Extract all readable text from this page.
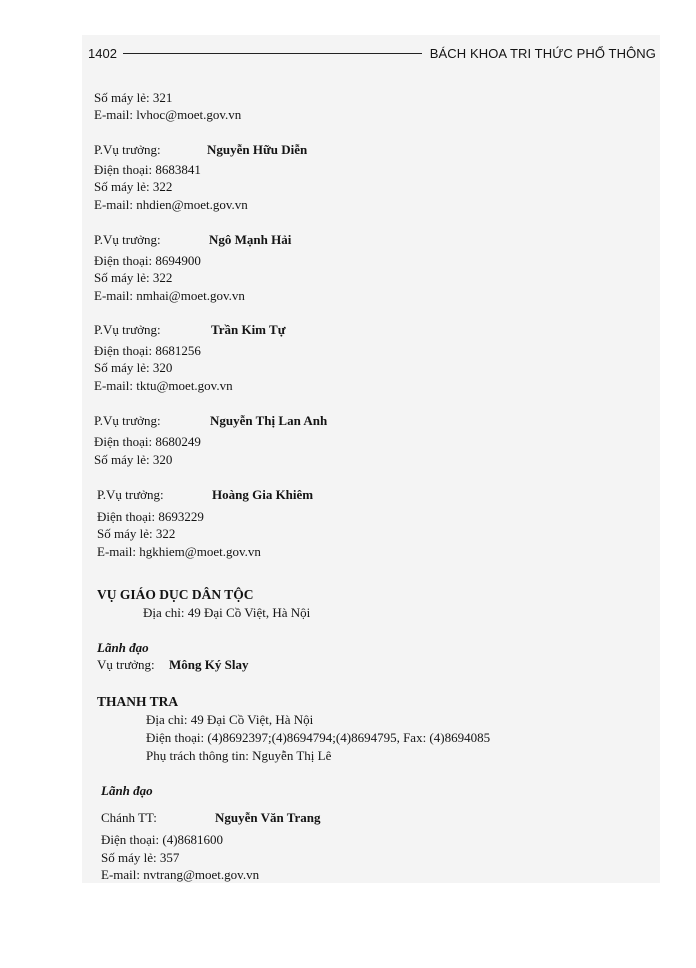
1402	BÁCH KHOA TRI THỨC PHỔ THÔNG
Số máy lẻ: 321
E-mail: lvhoc@moet.gov.vn
P.Vụ trưởng:	Nguyễn Hữu Diễn
Điện thoại: 8683841
Số máy lẻ: 322
E-mail: nhdien@moet.gov.vn
P.Vụ trưởng:	Ngô Mạnh Hải
Điện thoại: 8694900
Số máy lẻ: 322
E-mail: nmhai@moet.gov.vn
P.Vụ trưởng:	Trần Kim Tự
Điện thoại: 8681256
Số máy lẻ: 320
E-mail: tktu@moet.gov.vn
P.Vụ trưởng:	Nguyễn Thị Lan Anh
Điện thoại: 8680249
Số máy lẻ: 320
P.Vụ trưởng:	Hoàng Gia Khiêm
Điện thoại: 8693229
Số máy lẻ: 322
E-mail: hgkhiem@moet.gov.vn
VỤ GIÁO DỤC DÂN TỘC
Địa chỉ: 49 Đại Cồ Việt, Hà Nội
Lãnh đạo
Vụ trưởng: Mông Ký Slay
THANH TRA
Địa chỉ: 49 Đại Cồ Việt, Hà Nội
Điện thoại: (4)8692397;(4)8694794;(4)8694795, Fax: (4)8694085
Phụ trách thông tin: Nguyễn Thị Lê
Lãnh đạo
Chánh TT:	Nguyễn Văn Trang
Điện thoại: (4)8681600
Số máy lẻ: 357
E-mail: nvtrang@moet.gov.vn
